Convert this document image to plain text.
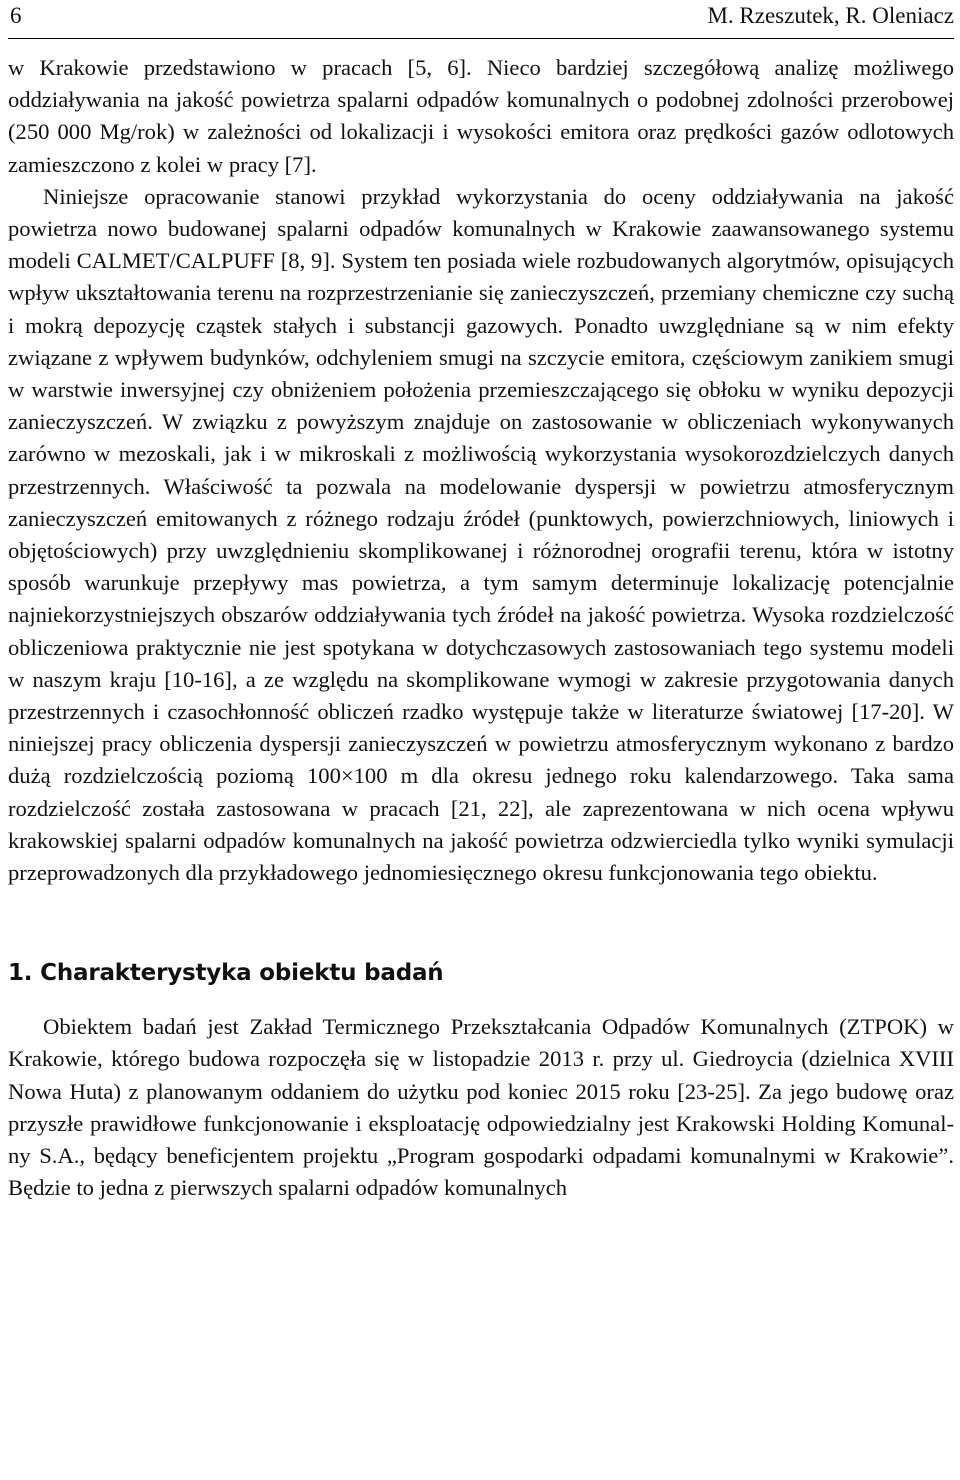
6	M. Rzeszutek, R. Oleniacz

w Krakowie przedstawiono w pracach [5, 6]. Nieco bardziej szczegółową analizę możliwego oddziaływania na jakość powietrza spalarni odpadów komunalnych o podobnej zdolności przerobowej (250 000 Mg/rok) w zależności od lokalizacji i wysokości emitora oraz prędkości gazów odlotowych zamieszczono z kolei w pracy [7].

Niniejsze opracowanie stanowi przykład wykorzystania do oceny oddziaływania na jakość powietrza nowo budowanej spalarni odpadów komunalnych w Krakowie zaawansowanego systemu modeli CALMET/CALPUFF [8, 9]. System ten posiada wiele rozbudowanych algorytmów, opisujących wpływ ukształtowania terenu na rozprzestrzenianie się zanieczyszczeń, przemiany chemiczne czy suchą i mokrą depozycję cząstek stałych i substancji gazowych. Ponadto uwzględniane są w nim efekty związane z wpływem budynków, odchyleniem smugi na szczycie emitora, częściowym zanikiem smugi w warstwie inwersyjnej czy obniżeniem położenia przemieszczającego się obłoku w wyniku depozycji zanieczyszczeń. W związku z powyższym znajduje on zastosowanie w obliczeniach wykonywanych zarówno w mezoskali, jak i w mikroskali z możliwością wykorzystania wysokorozdzielczych danych przestrzennych. Właściwość ta pozwala na modelowanie dyspersji w powietrzu atmosferycznym zanieczyszczeń emitowanych z różnego rodzaju źródeł (punktowych, powierzchniowych, liniowych i objętościowych) przy uwzględnieniu skomplikowanej i różnorodnej orografii terenu, która w istotny sposób warunkuje przepływy mas powietrza, a tym samym determinuje lokalizację potencjalnie najniekorzystniejszych obszarów oddziaływania tych źródeł na jakość powietrza. Wysoka rozdzielczość obliczeniowa praktycznie nie jest spotykana w dotychczasowych zastosowaniach tego systemu modeli w naszym kraju [10-16], a ze względu na skomplikowane wymogi w zakresie przygotowania danych przestrzennych i czasochłonność obliczeń rzadko występuje także w literaturze światowej [17-20]. W niniejszej pracy obliczenia dyspersji zanieczyszczeń w powietrzu atmosferycznym wykonano z bardzo dużą rozdzielczością poziomą 100×100 m dla okresu jednego roku kalendarzowego. Taka sama rozdzielczość została zastosowana w pracach [21, 22], ale zaprezentowana w nich ocena wpływu krakowskiej spalarni odpadów komunalnych na jakość powietrza odzwierciedla tylko wyniki symulacji przeprowadzonych dla przykładowego jednomiesięcznego okresu funkcjonowania tego obiektu.

1. Charakterystyka obiektu badań

Obiektem badań jest Zakład Termicznego Przekształcania Odpadów Komunalnych (ZTPOK) w Krakowie, którego budowa rozpoczęła się w listopadzie 2013 r. przy ul. Giedroycia (dzielnica XVIII Nowa Huta) z planowanym oddaniem do użytku pod koniec 2015 roku [23-25]. Za jego budowę oraz przyszłe prawidłowe funkcjonowanie i eksploatację odpowiedzialny jest Krakowski Holding Komunalny S.A., będący beneficjentem projektu „Program gospodarki odpadami komunalnymi w Krakowie”. Będzie to jedna z pierwszych spalarni odpadów komunalnych
